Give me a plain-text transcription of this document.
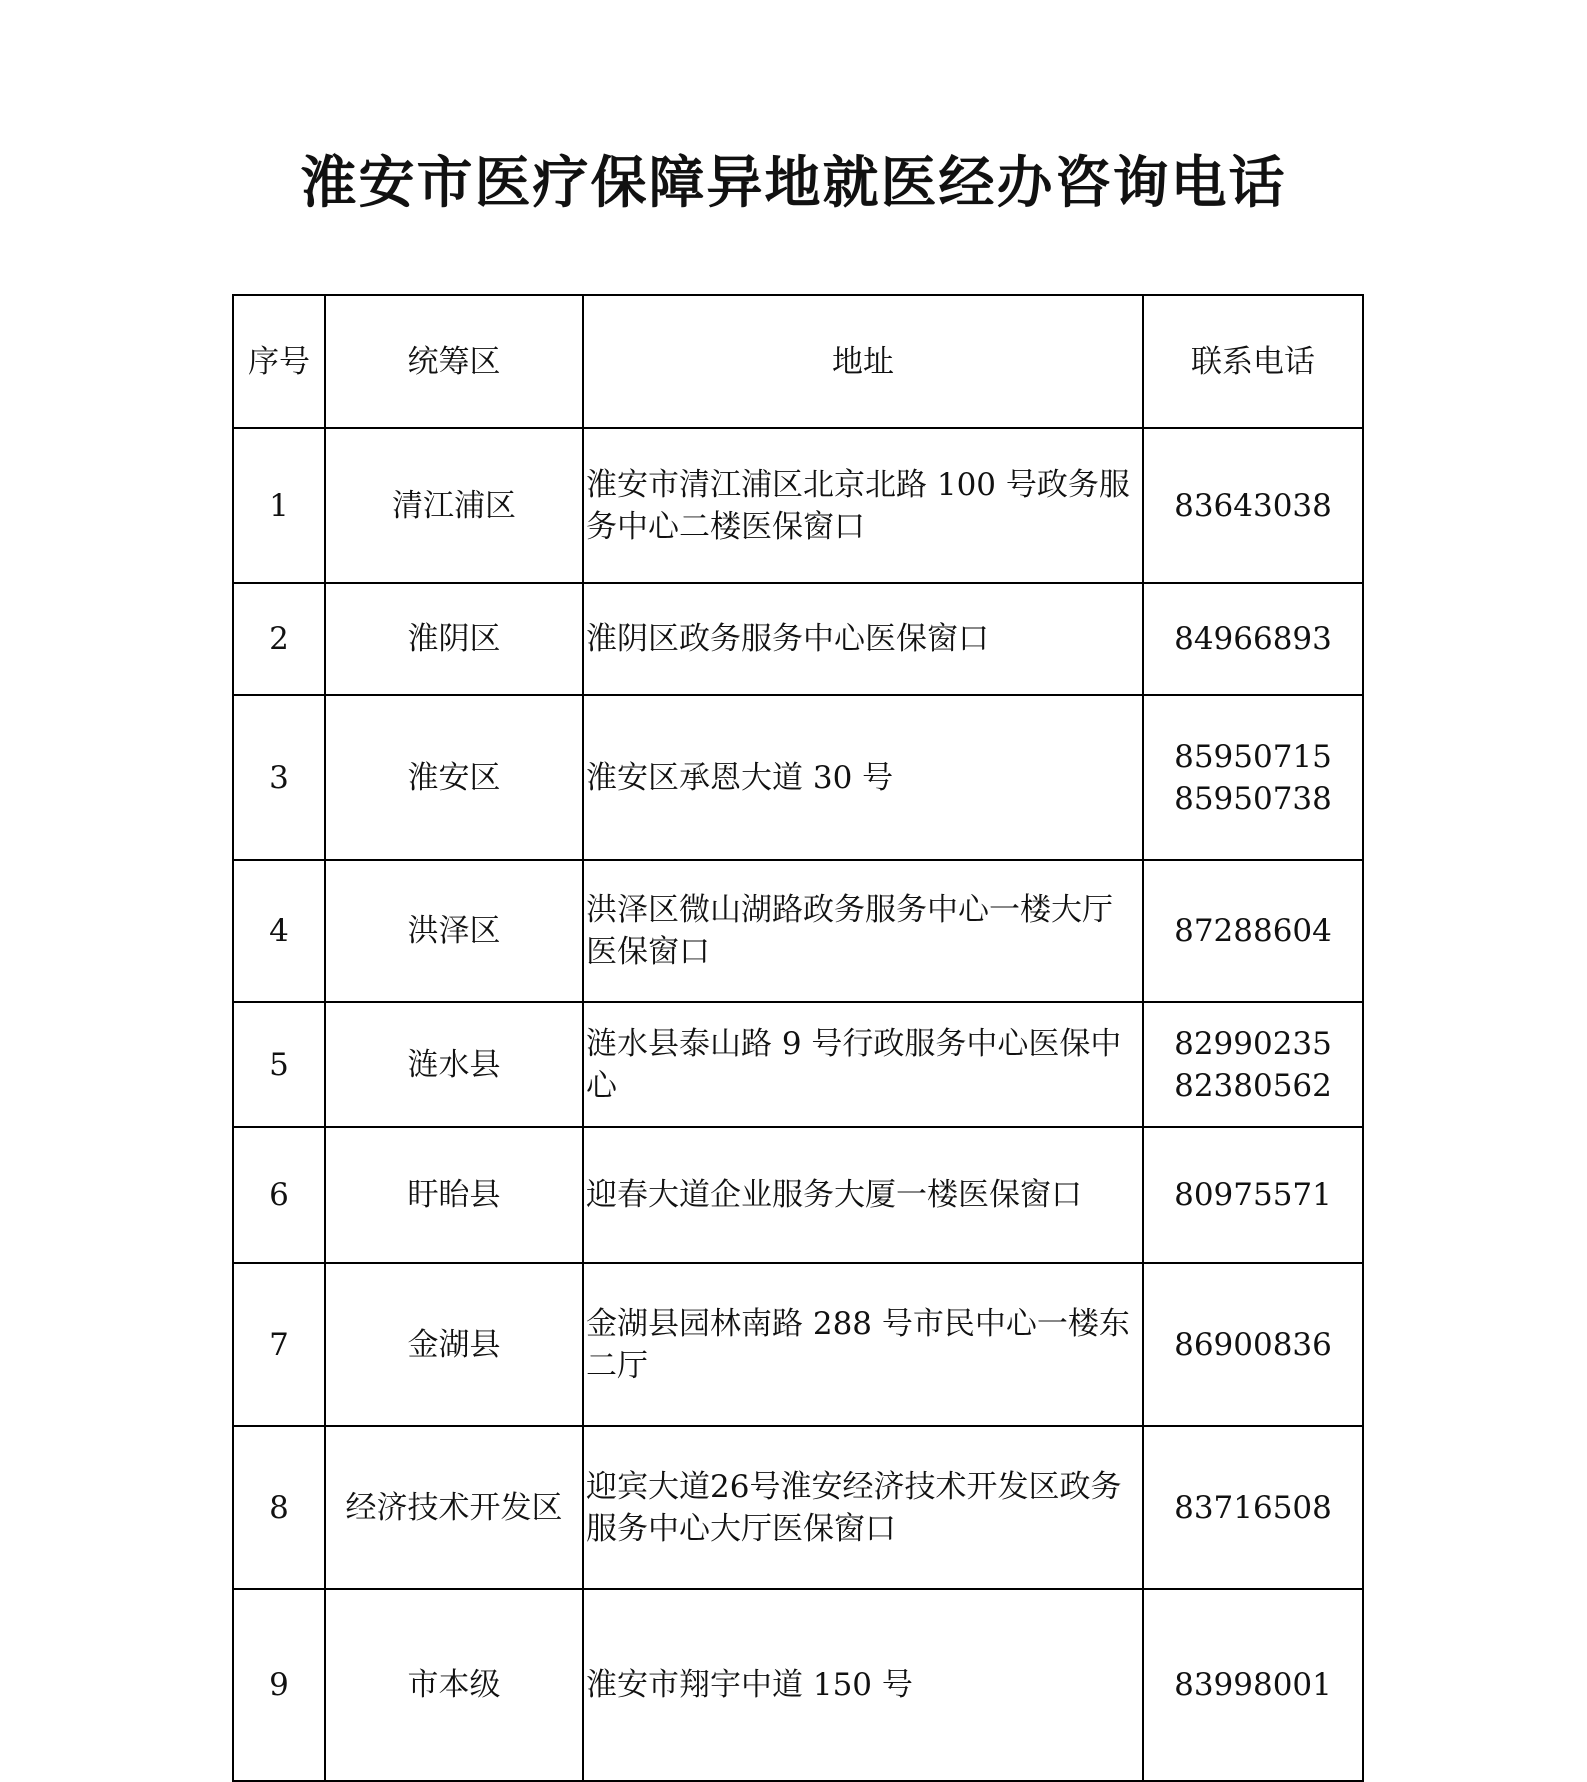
淮安市医疗保障异地就医经办咨询电话
序号	统筹区	地址	联系电话
1	清江浦区	淮安市清江浦区北京北路 100 号政务服务中心二楼医保窗口	83643038

2	淮阴区	淮阴区政务服务中心医保窗口	84966893

3	淮安区	淮安区承恩大道 30 号	85950715
85950738

4	洪泽区	洪泽区微山湖路政务服务中心一楼大厅医保窗口	87288604

5	涟水县	涟水县泰山路 9 号行政服务中心医保中心	82990235
82380562

6	盱眙县	迎春大道企业服务大厦一楼医保窗口	80975571

7	金湖县	金湖县园林南路 288 号市民中心一楼东二厅	86900836

8	经济技术开发区	迎宾大道26号淮安经济技术开发区政务服务中心大厅医保窗口	83716508

9	市本级	淮安市翔宇中道 150 号	83998001
